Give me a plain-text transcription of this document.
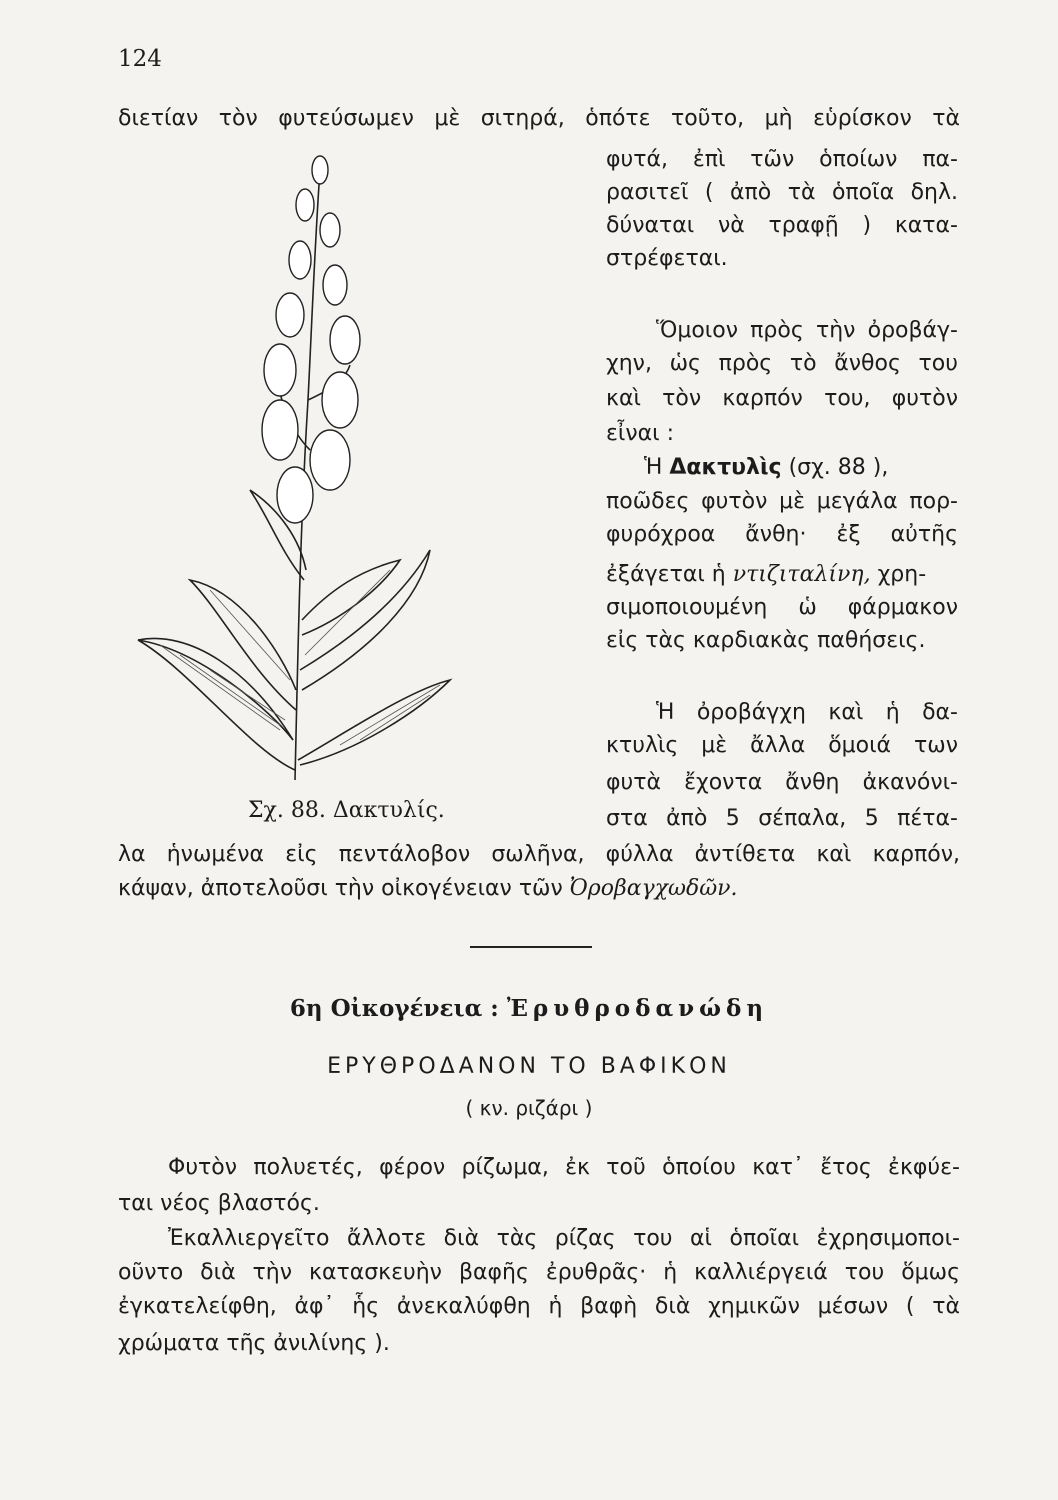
124
διετίαν τὸν φυτεύσωμεν μὲ σιτηρά, ὁπότε τοῦτο, μὴ εὑρίσκον τὰ
φυτά, ἐπὶ τῶν ὁποίων πα-
ρασιτεῖ ( ἀπὸ τὰ ὁποῖα δηλ.
δύναται νὰ τραφῇ ) κατα-
στρέφεται.
Ὅμοιον πρὸς τὴν ὀροβάγ-
χην, ὡς πρὸς τὸ ἄνθος του
καὶ τὸν καρπόν του, φυτὸν
εἶναι :
Ἡ Δακτυλὶς (σχ. 88 ),
ποῶδες φυτὸν μὲ μεγάλα πορ-
φυρόχροα ἄνθη· ἐξ αὐτῆς
ἐξάγεται ἡ ντιζιταλίνη, χρη-
σιμοποιουμένη ὡ φάρμακον
εἰς τὰς καρδιακὰς παθήσεις.
Ἡ ὀροβάγχη καὶ ἡ δα-
κτυλὶς μὲ ἄλλα ὅμοιά των
φυτὰ ἔχοντα ἄνθη ἀκανόνι-
στα ἀπὸ 5 σέπαλα, 5 πέτα-
Σχ. 88. Δακτυλίς.
λα ἡνωμένα εἰς πεντάλοβον σωλῆνα, φύλλα ἀντίθετα καὶ καρπόν,
κάψαν, ἀποτελοῦσι τὴν οἰκογένειαν τῶν Ὀροβαγχωδῶν.
6η Οἰκογένεια : Ἐρυθροδανώδη
ΕΡΥΘΡΟΔΑΝΟΝ ΤΟ ΒΑΦΙΚΟΝ
( κν. ριζάρι )
Φυτὸν πολυετές, φέρον ρίζωμα, ἐκ τοῦ ὁποίου κατ᾿ ἔτος ἐκφύε-
ται νέος βλαστός.
Ἐκαλλιεργεῖτο ἄλλοτε διὰ τὰς ρίζας του αἱ ὁποῖαι ἐχρησιμοποι-
οῦντο διὰ τὴν κατασκευὴν βαφῆς ἐρυθρᾶς· ἡ καλλιέργειά του ὅμως
ἐγκατελείφθη, ἀφ᾿ ἧς ἀνεκαλύφθη ἡ βαφὴ διὰ χημικῶν μέσων ( τὰ
χρώματα τῆς ἀνιλίνης ).
